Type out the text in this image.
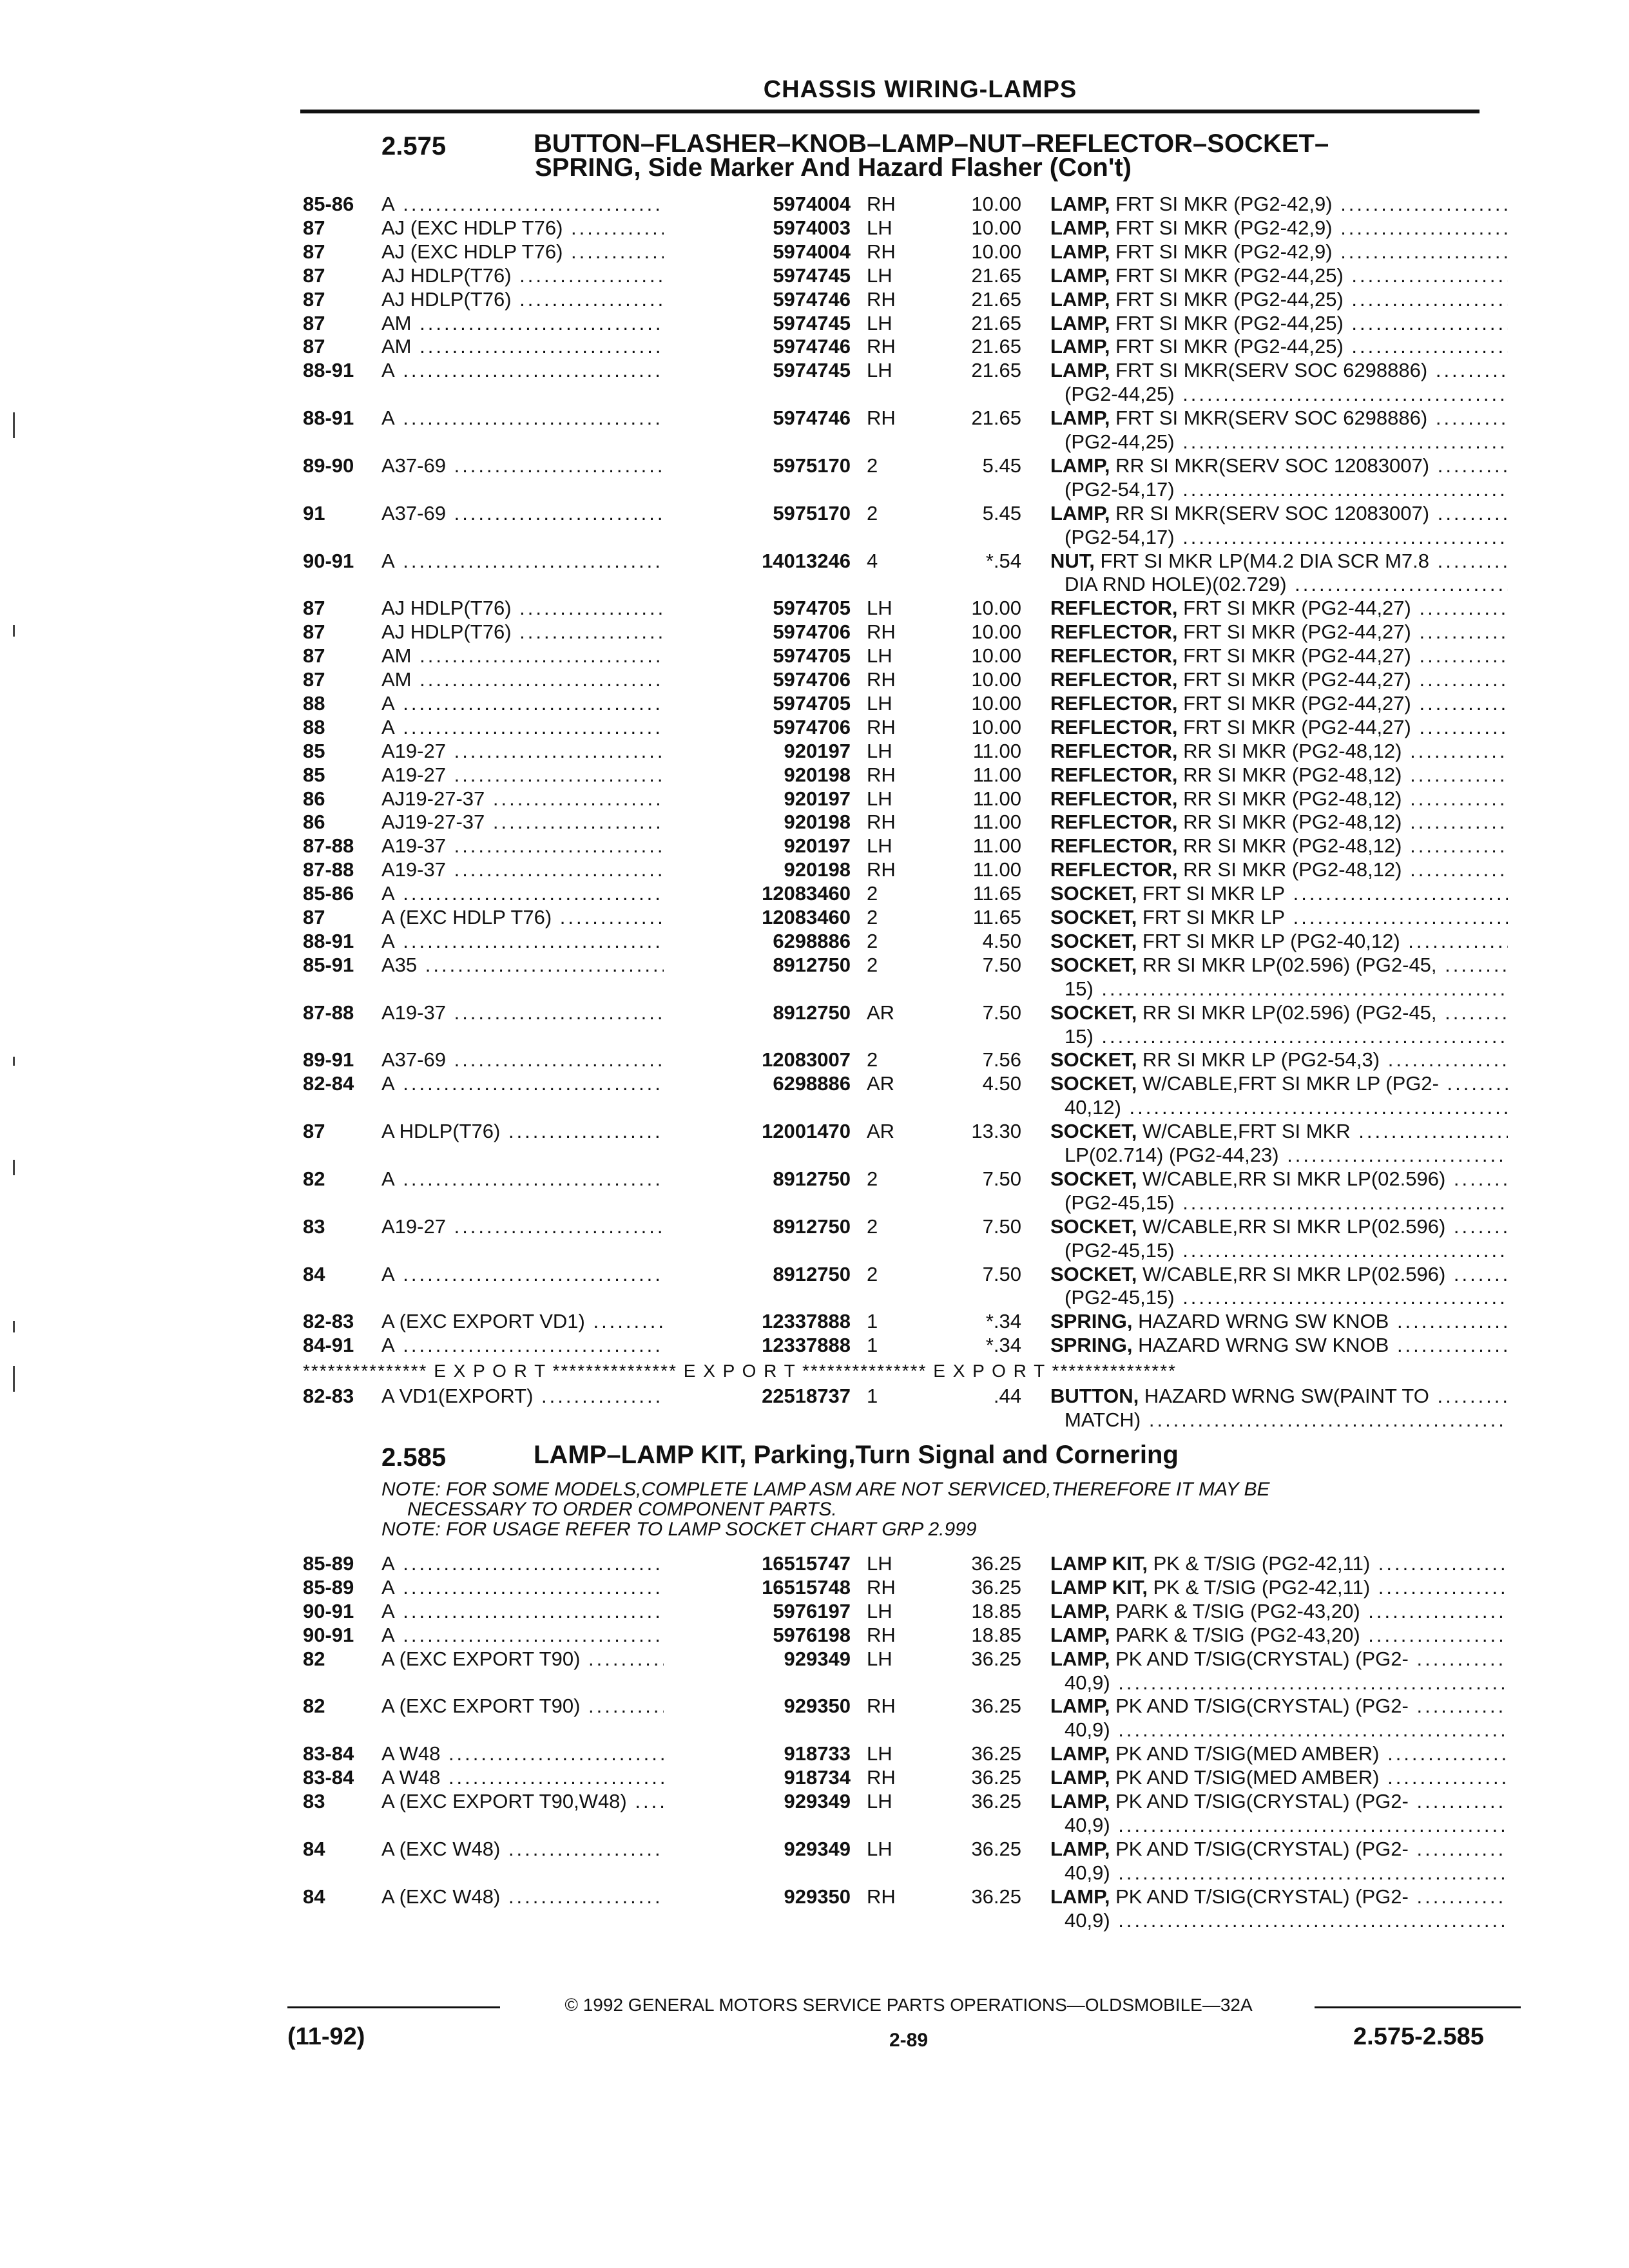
CHASSIS WIRING-LAMPS
2.575	BUTTON–FLASHER–KNOB–LAMP–NUT–REFLECTOR–SOCKET–
SPRING, Side Marker And Hazard Flasher (Con't)
85-86	A .....	5974004 RH	10.00 LAMP, FRT SI MKR (PG2-42,9) .....
87	AJ (EXC HDLP T76) .....	5974003 LH	10.00 LAMP, FRT SI MKR (PG2-42,9) .....
87	AJ (EXC HDLP T76) .....	5974004 RH	10.00 LAMP, FRT SI MKR (PG2-42,9) .....
87	AJ HDLP(T76) .....	5974745 LH	21.65 LAMP, FRT SI MKR (PG2-44,25) .....
87	AJ HDLP(T76) .....	5974746 RH	21.65 LAMP, FRT SI MKR (PG2-44,25) .....
87	AM .....	5974745 LH	21.65 LAMP, FRT SI MKR (PG2-44,25) .....
87	AM .....	5974746 RH	21.65 LAMP, FRT SI MKR (PG2-44,25) .....
88-91	A .....	5974745 LH	21.65 LAMP, FRT SI MKR(SERV SOC 6298886) .....
(PG2-44,25) .....
88-91	A .....	5974746 RH	21.65 LAMP, FRT SI MKR(SERV SOC 6298886) .....
(PG2-44,25) .....
89-90	A37-69 .....	5975170 2	5.45 LAMP, RR SI MKR(SERV SOC 12083007) .....
(PG2-54,17) .....
91	A37-69 .....	5975170 2	5.45 LAMP, RR SI MKR(SERV SOC 12083007) .....
(PG2-54,17) .....
90-91	A .....	14013246 4	*.54 NUT, FRT SI MKR LP(M4.2 DIA SCR M7.8 .....
DIA RND HOLE)(02.729) .....
87	AJ HDLP(T76) .....	5974705 LH	10.00 REFLECTOR, FRT SI MKR (PG2-44,27) .....
87	AJ HDLP(T76) .....	5974706 RH	10.00 REFLECTOR, FRT SI MKR (PG2-44,27) .....
87	AM .....	5974705 LH	10.00 REFLECTOR, FRT SI MKR (PG2-44,27) .....
87	AM .....	5974706 RH	10.00 REFLECTOR, FRT SI MKR (PG2-44,27) .....
88	A .....	5974705 LH	10.00 REFLECTOR, FRT SI MKR (PG2-44,27) .....
88	A .....	5974706 RH	10.00 REFLECTOR, FRT SI MKR (PG2-44,27) .....
85	A19-27 .....	920197 LH	11.00 REFLECTOR, RR SI MKR (PG2-48,12) .....
85	A19-27 .....	920198 RH	11.00 REFLECTOR, RR SI MKR (PG2-48,12) .....
86	AJ19-27-37 .....	920197 LH	11.00 REFLECTOR, RR SI MKR (PG2-48,12) .....
86	AJ19-27-37 .....	920198 RH	11.00 REFLECTOR, RR SI MKR (PG2-48,12) .....
87-88	A19-37 .....	920197 LH	11.00 REFLECTOR, RR SI MKR (PG2-48,12) .....
87-88	A19-37 .....	920198 RH	11.00 REFLECTOR, RR SI MKR (PG2-48,12) .....
85-86	A .....	12083460 2	11.65 SOCKET, FRT SI MKR LP .....
87	A (EXC HDLP T76) .....	12083460 2	11.65 SOCKET, FRT SI MKR LP .....
88-91	A .....	6298886 2	4.50 SOCKET, FRT SI MKR LP (PG2-40,12) .....
85-91	A35 .....	8912750 2	7.50 SOCKET, RR SI MKR LP(02.596) (PG2-45, .....
15) .....
87-88	A19-37 .....	8912750 AR	7.50 SOCKET, RR SI MKR LP(02.596) (PG2-45, .....
15) .....
89-91	A37-69 .....	12083007 2	7.56 SOCKET, RR SI MKR LP (PG2-54,3) .....
82-84	A .....	6298886 AR	4.50 SOCKET, W/CABLE,FRT SI MKR LP (PG2- .....
40,12) .....
87	A HDLP(T76) .....	12001470 AR	13.30 SOCKET, W/CABLE,FRT SI MKR .....
LP(02.714) (PG2-44,23) .....
82	A .....	8912750 2	7.50 SOCKET, W/CABLE,RR SI MKR LP(02.596) .....
(PG2-45,15) .....
83	A19-27 .....	8912750 2	7.50 SOCKET, W/CABLE,RR SI MKR LP(02.596) .....
(PG2-45,15) .....
84	A .....	8912750 2	7.50 SOCKET, W/CABLE,RR SI MKR LP(02.596) .....
(PG2-45,15) .....
82-83	A (EXC EXPORT VD1) .....	12337888 1	*.34 SPRING, HAZARD WRNG SW KNOB .....
84-91	A .....	12337888 1	*.34 SPRING, HAZARD WRNG SW KNOB .....
*************** E X P O R T *************** E X P O R T *************** E X P O R T ***************
82-83	A VD1(EXPORT) .....	22518737 1	.44 BUTTON, HAZARD WRNG SW(PAINT TO .....
MATCH) .....
2.585	LAMP–LAMP KIT, Parking,Turn Signal and Cornering
NOTE: FOR SOME MODELS,COMPLETE LAMP ASM ARE NOT SERVICED,THEREFORE IT MAY BE
NECESSARY TO ORDER COMPONENT PARTS.
NOTE: FOR USAGE REFER TO LAMP SOCKET CHART GRP 2.999
85-89	A .....	16515747 LH	36.25 LAMP KIT, PK & T/SIG (PG2-42,11) .....
85-89	A .....	16515748 RH	36.25 LAMP KIT, PK & T/SIG (PG2-42,11) .....
90-91	A .....	5976197 LH	18.85 LAMP, PARK & T/SIG (PG2-43,20) .....
90-91	A .....	5976198 RH	18.85 LAMP, PARK & T/SIG (PG2-43,20) .....
82	A (EXC EXPORT T90) .....	929349 LH	36.25 LAMP, PK AND T/SIG(CRYSTAL) (PG2- .....
40,9) .....
82	A (EXC EXPORT T90) .....	929350 RH	36.25 LAMP, PK AND T/SIG(CRYSTAL) (PG2- .....
40,9) .....
83-84	A W48 .....	918733 LH	36.25 LAMP, PK AND T/SIG(MED AMBER) .....
83-84	A W48 .....	918734 RH	36.25 LAMP, PK AND T/SIG(MED AMBER) .....
83	A (EXC EXPORT T90,W48) .....	929349 LH	36.25 LAMP, PK AND T/SIG(CRYSTAL) (PG2- .....
40,9) .....
84	A (EXC W48) .....	929349 LH	36.25 LAMP, PK AND T/SIG(CRYSTAL) (PG2- .....
40,9) .....
84	A (EXC W48) .....	929350 RH	36.25 LAMP, PK AND T/SIG(CRYSTAL) (PG2- .....
40,9) .....
© 1992 GENERAL MOTORS SERVICE PARTS OPERATIONS—OLDSMOBILE—32A
(11-92)	2-89	2.575-2.585
